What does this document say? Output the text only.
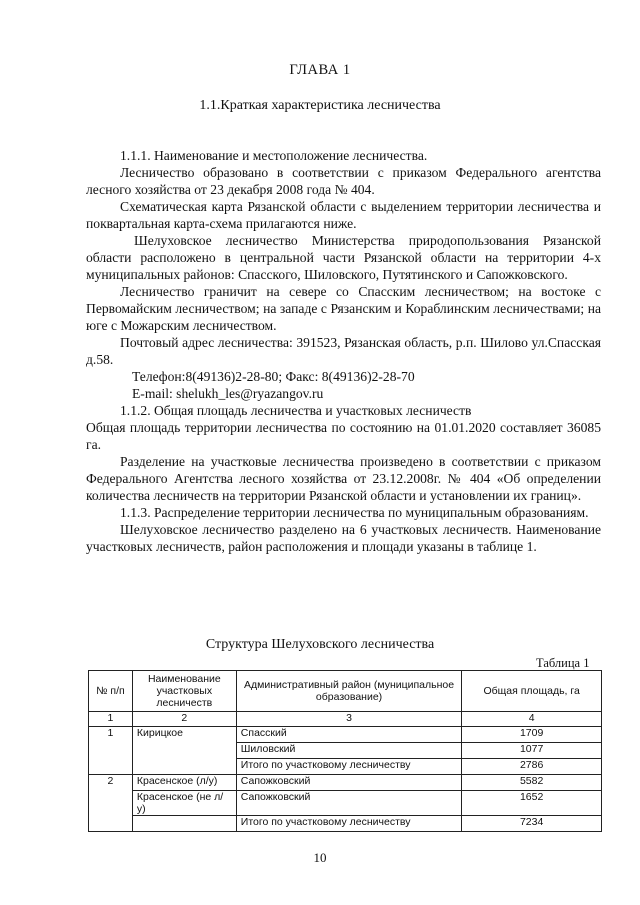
ГЛАВА 1
1.1.Краткая характеристика лесничества

1.1.1. Наименование и местоположение лесничества.

Лесничество образовано в соответствии с приказом Федерального агентства лесного хозяйства от 23 декабря 2008 года № 404.

Схематическая карта Рязанской области с выделением территории лесничества и поквартальная карта-схема прилагаются ниже.

Шелуховское лесничество Министерства природопользования Рязанской области расположено в центральной части Рязанской области на территории 4-х муниципальных районов: Спасского, Шиловского, Путятинского и Сапожковского.

Лесничество граничит на севере со Спасским лесничеством; на востоке с Первомайским лесничеством; на западе с Рязанским и Кораблинским лесничествами; на юге с Можарским лесничеством.

Почтовый адрес лесничества: 391523, Рязанская область, р.п. Шилово ул.Спасская д.58.

Телефон:8(49136)2-28-80; Факс: 8(49136)2-28-70

E-mail: shelukh_les@ryazangov.ru

1.1.2. Общая площадь лесничества и участковых лесничеств

Общая площадь территории лесничества по состоянию на 01.01.2020 составляет 36085 га.

Разделение на участковые лесничества произведено в соответствии с приказом Федерального Агентства лесного хозяйства от 23.12.2008г. № 404 «Об определении количества лесничеств на территории Рязанской области и установлении их границ».

1.1.3. Распределение территории лесничества по муниципальным образованиям.

Шелуховское лесничество разделено на 6 участковых лесничеств. Наименование участковых лесничеств, район расположения и площади указаны в таблице 1.

Структура Шелуховского лесничества
Таблица 1
№ п/п	Наименование участковых лесничеств	Административный район (муниципальное образование)	Общая площадь, га
1	2	3	4
1	Кирицкое	Спасский	1709
		Шиловский	1077
		Итого по участковому лесничеству	2786
2	Красенское (л/у)	Сапожковский	5582
	Красенское (не л/у)	Сапожковский	1652
		Итого по участковому лесничеству	7234
10
